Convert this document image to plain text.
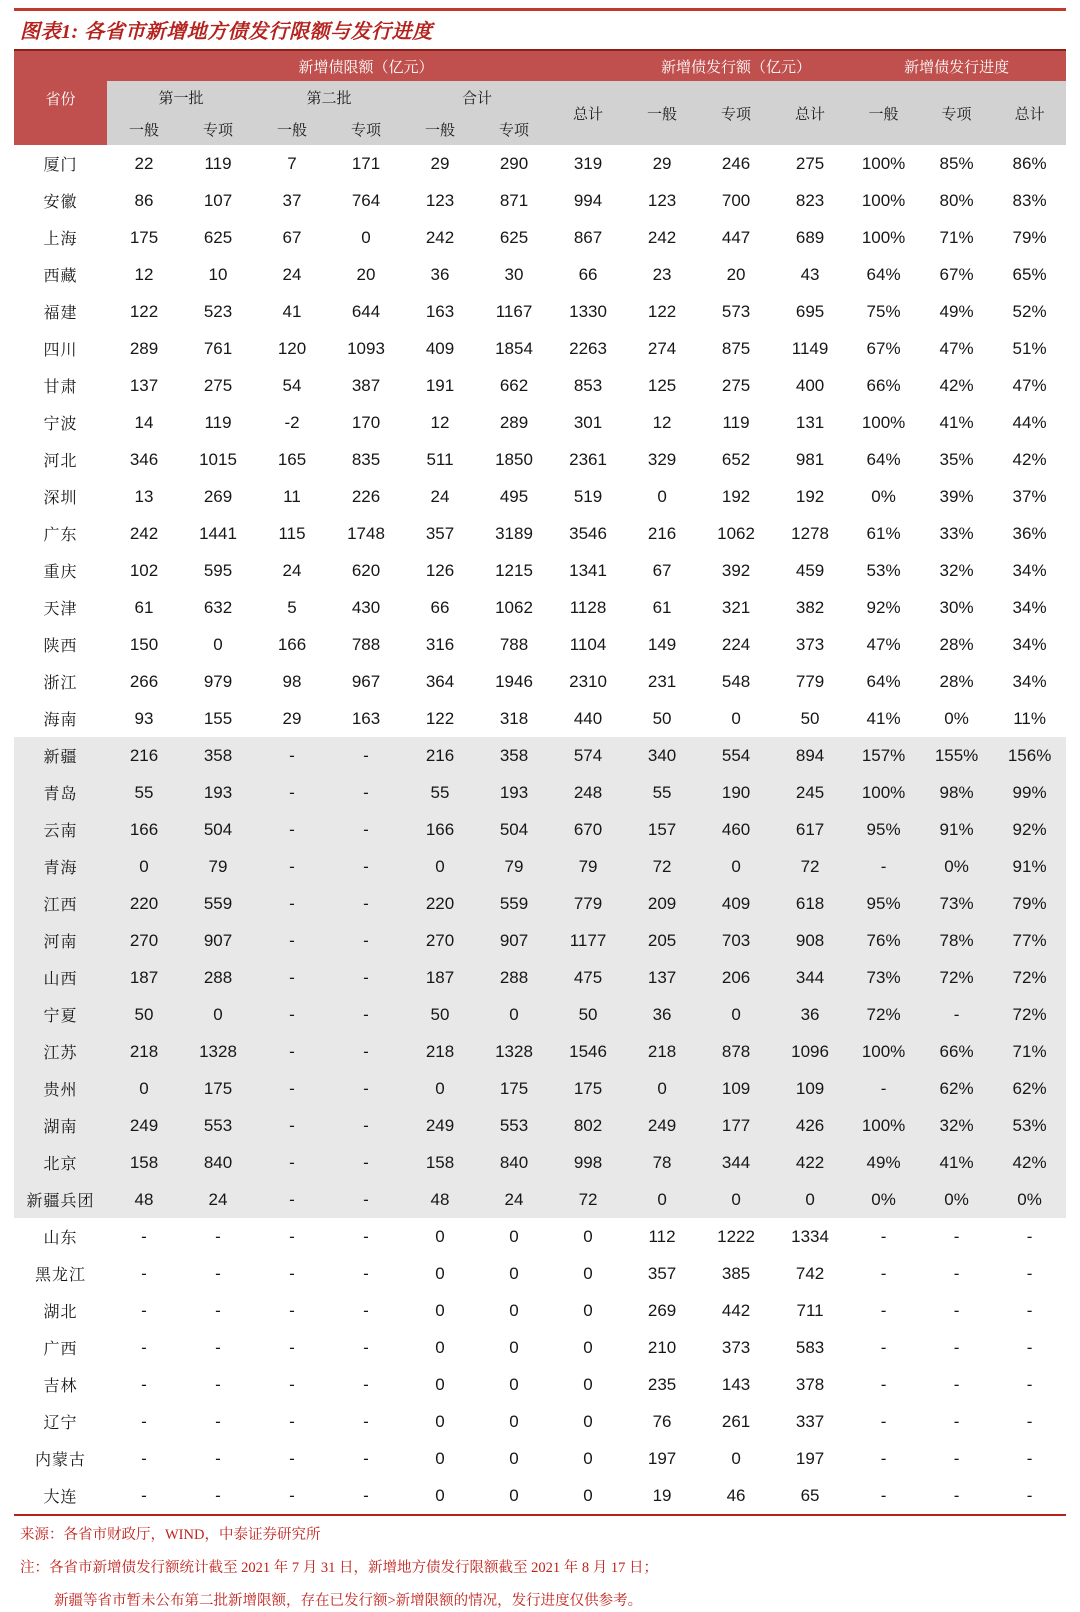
图表1: 各省市新增地方债发行限额与发行进度
省份	新增债限额（亿元）							新增债发行额（亿元）			新增债发行进度		
	第一批		第二批		合计		总计	一般	专项	总计	一般	专项	总计
	一般	专项	一般	专项	一般	专项							
厦门	22	119	7	171	29	290	319	29	246	275	100%	85%	86%
安徽	86	107	37	764	123	871	994	123	700	823	100%	80%	83%
上海	175	625	67	0	242	625	867	242	447	689	100%	71%	79%
西藏	12	10	24	20	36	30	66	23	20	43	64%	67%	65%
福建	122	523	41	644	163	1167	1330	122	573	695	75%	49%	52%
四川	289	761	120	1093	409	1854	2263	274	875	1149	67%	47%	51%
甘肃	137	275	54	387	191	662	853	125	275	400	66%	42%	47%
宁波	14	119	-2	170	12	289	301	12	119	131	100%	41%	44%
河北	346	1015	165	835	511	1850	2361	329	652	981	64%	35%	42%
深圳	13	269	11	226	24	495	519	0	192	192	0%	39%	37%
广东	242	1441	115	1748	357	3189	3546	216	1062	1278	61%	33%	36%
重庆	102	595	24	620	126	1215	1341	67	392	459	53%	32%	34%
天津	61	632	5	430	66	1062	1128	61	321	382	92%	30%	34%
陕西	150	0	166	788	316	788	1104	149	224	373	47%	28%	34%
浙江	266	979	98	967	364	1946	2310	231	548	779	64%	28%	34%
海南	93	155	29	163	122	318	440	50	0	50	41%	0%	11%
新疆	216	358	-	-	216	358	574	340	554	894	157%	155%	156%
青岛	55	193	-	-	55	193	248	55	190	245	100%	98%	99%
云南	166	504	-	-	166	504	670	157	460	617	95%	91%	92%
青海	0	79	-	-	0	79	79	72	0	72	-	0%	91%
江西	220	559	-	-	220	559	779	209	409	618	95%	73%	79%
河南	270	907	-	-	270	907	1177	205	703	908	76%	78%	77%
山西	187	288	-	-	187	288	475	137	206	344	73%	72%	72%
宁夏	50	0	-	-	50	0	50	36	0	36	72%	-	72%
江苏	218	1328	-	-	218	1328	1546	218	878	1096	100%	66%	71%
贵州	0	175	-	-	0	175	175	0	109	109	-	62%	62%
湖南	249	553	-	-	249	553	802	249	177	426	100%	32%	53%
北京	158	840	-	-	158	840	998	78	344	422	49%	41%	42%
新疆兵团	48	24	-	-	48	24	72	0	0	0	0%	0%	0%
山东	-	-	-	-	0	0	0	112	1222	1334	-	-	-
黑龙江	-	-	-	-	0	0	0	357	385	742	-	-	-
湖北	-	-	-	-	0	0	0	269	442	711	-	-	-
广西	-	-	-	-	0	0	0	210	373	583	-	-	-
吉林	-	-	-	-	0	0	0	235	143	378	-	-	-
辽宁	-	-	-	-	0	0	0	76	261	337	-	-	-
内蒙古	-	-	-	-	0	0	0	197	0	197	-	-	-
大连	-	-	-	-	0	0	0	19	46	65	-	-	-
来源：各省市财政厅，WIND，中泰证券研究所
注：各省市新增债发行额统计截至 2021 年 7 月 31 日，新增地方债发行限额截至 2021 年 8 月 17 日；
新疆等省市暂未公布第二批新增限额，存在已发行额>新增限额的情况，发行进度仅供参考。
